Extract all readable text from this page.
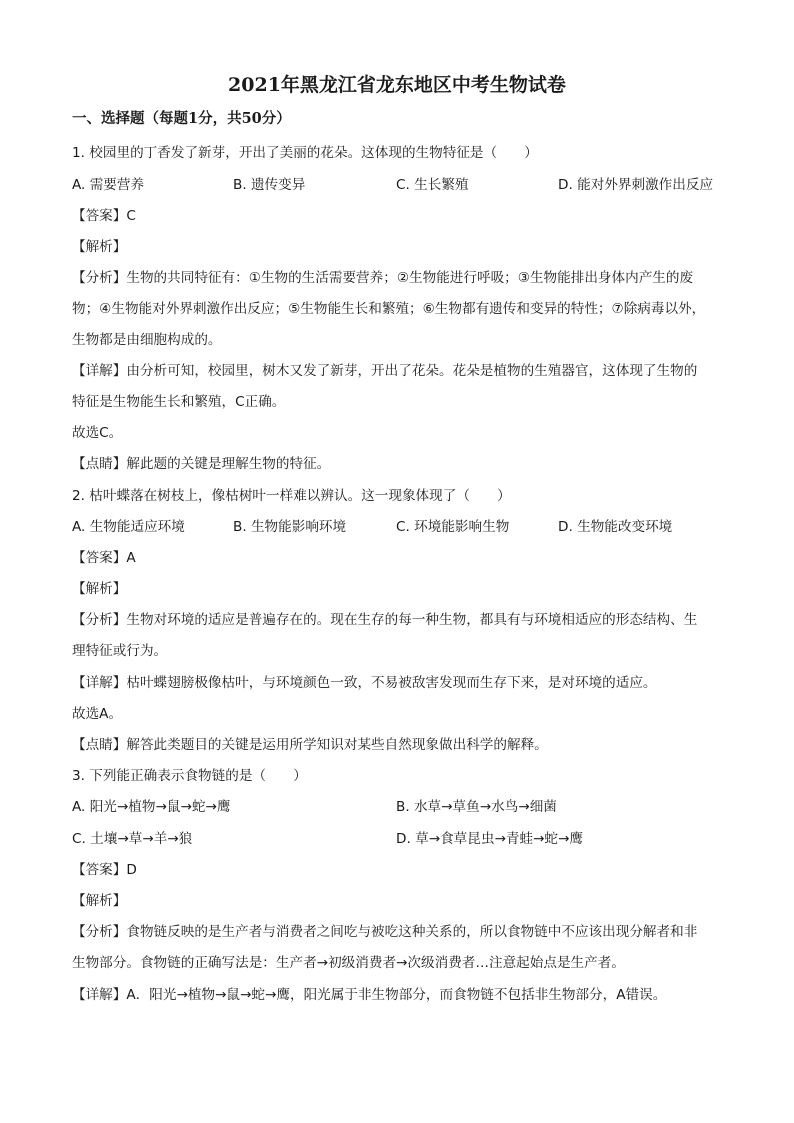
2021年黑龙江省龙东地区中考生物试卷
一、选择题（每题1分，共50分）
1. 校园里的丁香发了新芽，开出了美丽的花朵。这体现的生物特征是（　　）
A. 需要营养	B. 遗传变异	C. 生长繁殖	D. 能对外界刺激作出反应
【答案】C
【解析】
【分析】生物的共同特征有：①生物的生活需要营养；②生物能进行呼吸；③生物能排出身体内产生的废
物；④生物能对外界刺激作出反应；⑤生物能生长和繁殖；⑥生物都有遗传和变异的特性；⑦除病毒以外，
生物都是由细胞构成的。
【详解】由分析可知，校园里，树木又发了新芽，开出了花朵。花朵是植物的生殖器官，这体现了生物的
特征是生物能生长和繁殖，C正确。
故选C。
【点睛】解此题的关键是理解生物的特征。
2. 枯叶蝶落在树枝上，像枯树叶一样难以辨认。这一现象体现了（　　）
A. 生物能适应环境	B. 生物能影响环境	C. 环境能影响生物	D. 生物能改变环境
【答案】A
【解析】
【分析】生物对环境的适应是普遍存在的。现在生存的每一种生物，都具有与环境相适应的形态结构、生
理特征或行为。
【详解】枯叶蝶翅膀极像枯叶，与环境颜色一致，不易被敌害发现而生存下来，是对环境的适应。
故选A。
【点睛】解答此类题目的关键是运用所学知识对某些自然现象做出科学的解释。
3. 下列能正确表示食物链的是（　　）
A. 阳光→植物→鼠→蛇→鹰	B. 水草→草鱼→水鸟→细菌
C. 土壤→草→羊→狼	D. 草→食草昆虫→青蛙→蛇→鹰
【答案】D
【解析】
【分析】食物链反映的是生产者与消费者之间吃与被吃这种关系的，所以食物链中不应该出现分解者和非
生物部分。食物链的正确写法是：生产者→初级消费者→次级消费者…注意起始点是生产者。
【详解】A．阳光→植物→鼠→蛇→鹰，阳光属于非生物部分，而食物链不包括非生物部分，A错误。
